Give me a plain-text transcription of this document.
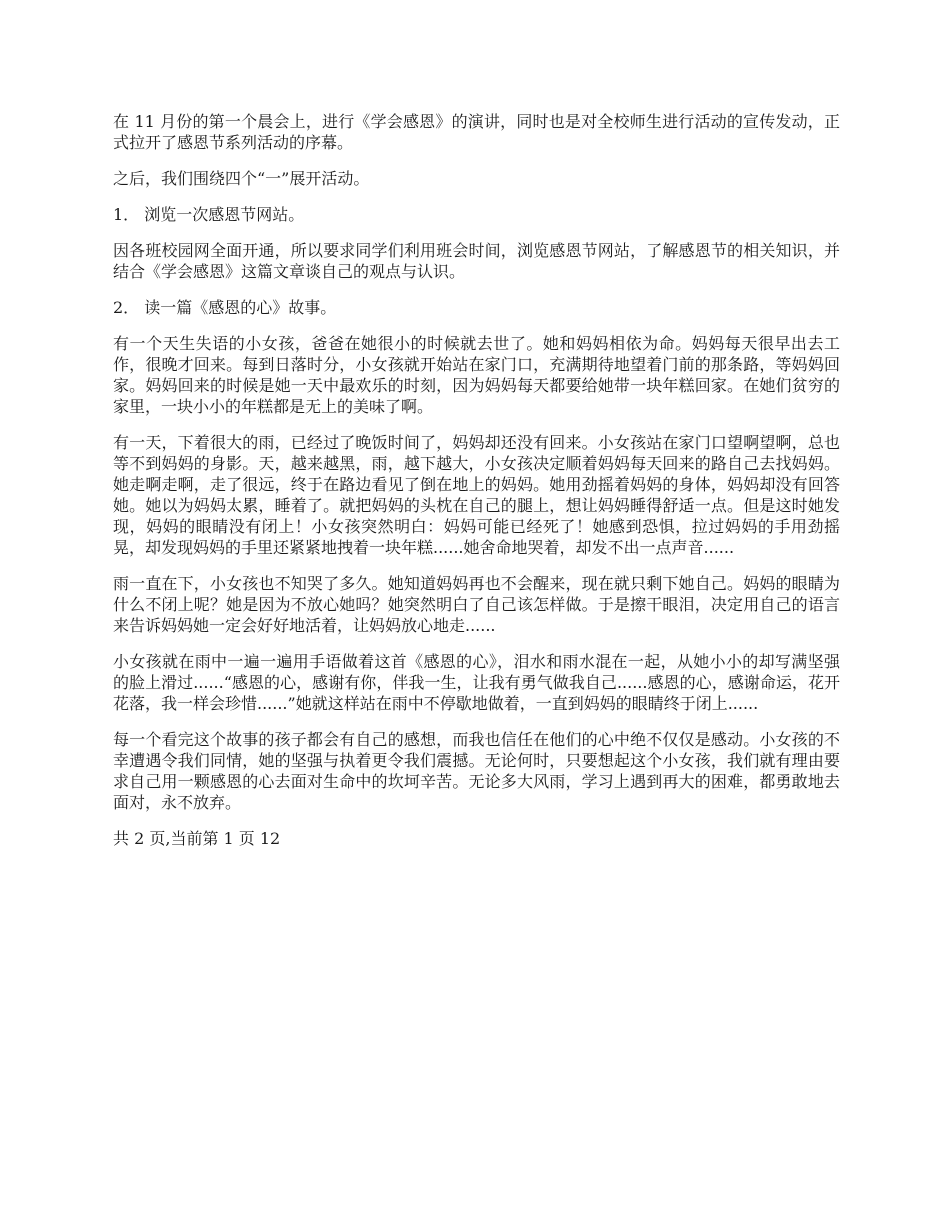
在 11 月份的第一个晨会上，进行《学会感恩》的演讲，同时也是对全校师生进行活动的宣传发动，正式拉开了感恩节系列活动的序幕。

之后，我们围绕四个“一”展开活动。

1． 浏览一次感恩节网站。

因各班校园网全面开通，所以要求同学们利用班会时间，浏览感恩节网站，了解感恩节的相关知识，并结合《学会感恩》这篇文章谈自己的观点与认识。

2． 读一篇《感恩的心》故事。

有一个天生失语的小女孩，爸爸在她很小的时候就去世了。她和妈妈相依为命。妈妈每天很早出去工作，很晚才回来。每到日落时分，小女孩就开始站在家门口，充满期待地望着门前的那条路，等妈妈回家。妈妈回来的时候是她一天中最欢乐的时刻，因为妈妈每天都要给她带一块年糕回家。在她们贫穷的家里，一块小小的年糕都是无上的美味了啊。

有一天，下着很大的雨，已经过了晚饭时间了，妈妈却还没有回来。小女孩站在家门口望啊望啊，总也等不到妈妈的身影。天，越来越黑，雨，越下越大，小女孩决定顺着妈妈每天回来的路自己去找妈妈。她走啊走啊，走了很远，终于在路边看见了倒在地上的妈妈。她用劲摇着妈妈的身体，妈妈却没有回答她。她以为妈妈太累，睡着了。就把妈妈的头枕在自己的腿上，想让妈妈睡得舒适一点。但是这时她发现，妈妈的眼睛没有闭上！小女孩突然明白：妈妈可能已经死了！她感到恐惧，拉过妈妈的手用劲摇晃，却发现妈妈的手里还紧紧地拽着一块年糕......她舍命地哭着，却发不出一点声音......

雨一直在下，小女孩也不知哭了多久。她知道妈妈再也不会醒来，现在就只剩下她自己。妈妈的眼睛为什么不闭上呢？她是因为不放心她吗？她突然明白了自己该怎样做。于是擦干眼泪，决定用自己的语言来告诉妈妈她一定会好好地活着，让妈妈放心地走......

小女孩就在雨中一遍一遍用手语做着这首《感恩的心》，泪水和雨水混在一起，从她小小的却写满坚强的脸上滑过......“感恩的心，感谢有你，伴我一生，让我有勇气做我自己......感恩的心，感谢命运，花开花落，我一样会珍惜......”她就这样站在雨中不停歇地做着，一直到妈妈的眼睛终于闭上......

每一个看完这个故事的孩子都会有自己的感想，而我也信任在他们的心中绝不仅仅是感动。小女孩的不幸遭遇令我们同情，她的坚强与执着更令我们震撼。无论何时，只要想起这个小女孩，我们就有理由要求自己用一颗感恩的心去面对生命中的坎坷辛苦。无论多大风雨，学习上遇到再大的困难，都勇敢地去面对，永不放弃。

共 2 页,当前第 1 页 12
